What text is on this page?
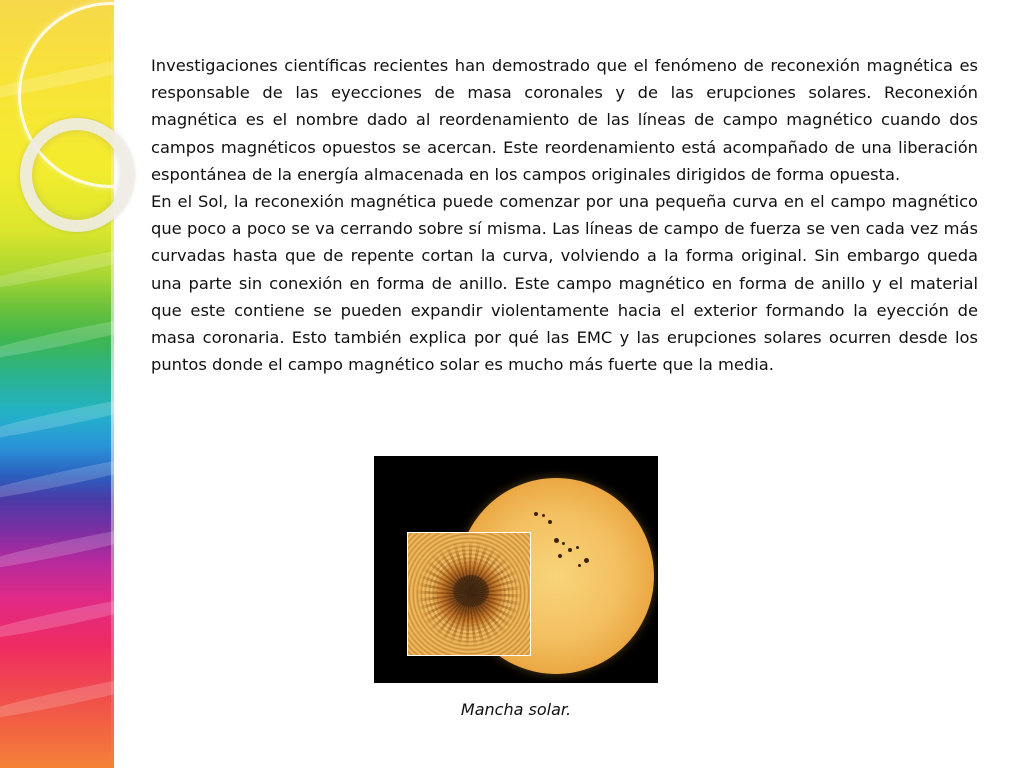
Investigaciones científicas recientes han demostrado que el fenómeno de reconexión magnética es responsable de las eyecciones de masa coronales y de las erupciones solares. Reconexión magnética es el nombre dado al reordenamiento de las líneas de campo magnético cuando dos campos magnéticos opuestos se acercan. Este reordenamiento está acompañado de una liberación espontánea de la energía almacenada en los campos originales dirigidos de forma opuesta.

En el Sol, la reconexión magnética puede comenzar por una pequeña curva en el campo magnético que poco a poco se va cerrando sobre sí misma. Las líneas de campo de fuerza se ven cada vez más curvadas hasta que de repente cortan la curva, volviendo a la forma original. Sin embargo queda una parte sin conexión en forma de anillo. Este campo magnético en forma de anillo y el material que este contiene se pueden expandir violentamente hacia el exterior formando la eyección de masa coronaria. Esto también explica por qué las EMC y las erupciones solares ocurren desde los puntos donde el campo magnético solar es mucho más fuerte que la media.

Mancha solar.
